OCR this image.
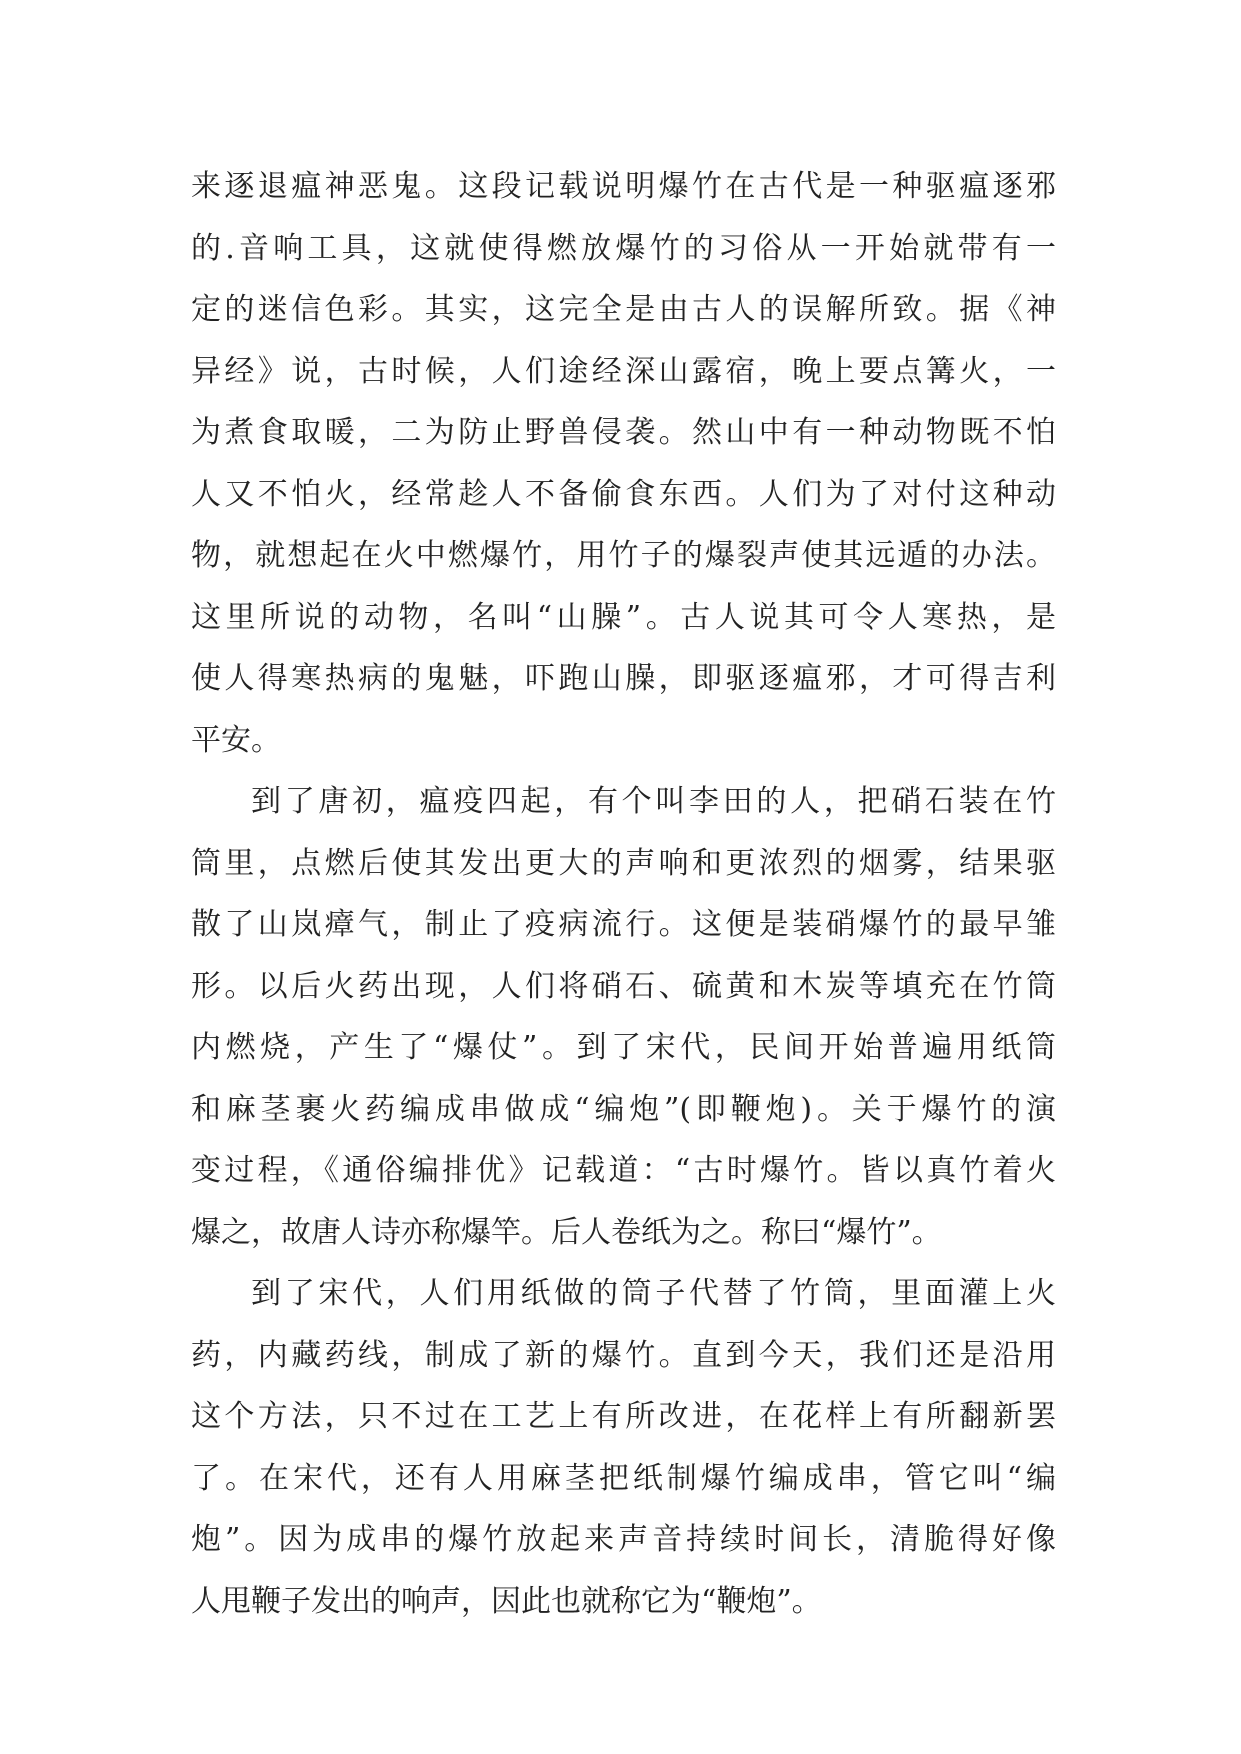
来逐退瘟神恶鬼。这段记载说明爆竹在古代是一种驱瘟逐邪
的.音响工具，这就使得燃放爆竹的习俗从一开始就带有一
定的迷信色彩。其实，这完全是由古人的误解所致。据《神
异经》说，古时候，人们途经深山露宿，晚上要点篝火，一
为煮食取暖，二为防止野兽侵袭。然山中有一种动物既不怕
人又不怕火，经常趁人不备偷食东西。人们为了对付这种动
物，就想起在火中燃爆竹，用竹子的爆裂声使其远遁的办法。
这里所说的动物，名叫“山臊”。古人说其可令人寒热，是
使人得寒热病的鬼魅，吓跑山臊，即驱逐瘟邪，才可得吉利
平安。
到了唐初，瘟疫四起，有个叫李田的人，把硝石装在竹
筒里，点燃后使其发出更大的声响和更浓烈的烟雾，结果驱
散了山岚瘴气，制止了疫病流行。这便是装硝爆竹的最早雏
形。以后火药出现，人们将硝石、硫黄和木炭等填充在竹筒
内燃烧，产生了“爆仗”。到了宋代，民间开始普遍用纸筒
和麻茎裹火药编成串做成“编炮”(即鞭炮)。关于爆竹的演
变过程，《通俗编排优》记载道：“古时爆竹。皆以真竹着火
爆之，故唐人诗亦称爆竿。后人卷纸为之。称曰“爆竹”。
到了宋代，人们用纸做的筒子代替了竹筒，里面灌上火
药，内藏药线，制成了新的爆竹。直到今天，我们还是沿用
这个方法，只不过在工艺上有所改进，在花样上有所翻新罢
了。在宋代，还有人用麻茎把纸制爆竹编成串，管它叫“编
炮”。因为成串的爆竹放起来声音持续时间长，清脆得好像
人甩鞭子发出的响声，因此也就称它为“鞭炮”。
